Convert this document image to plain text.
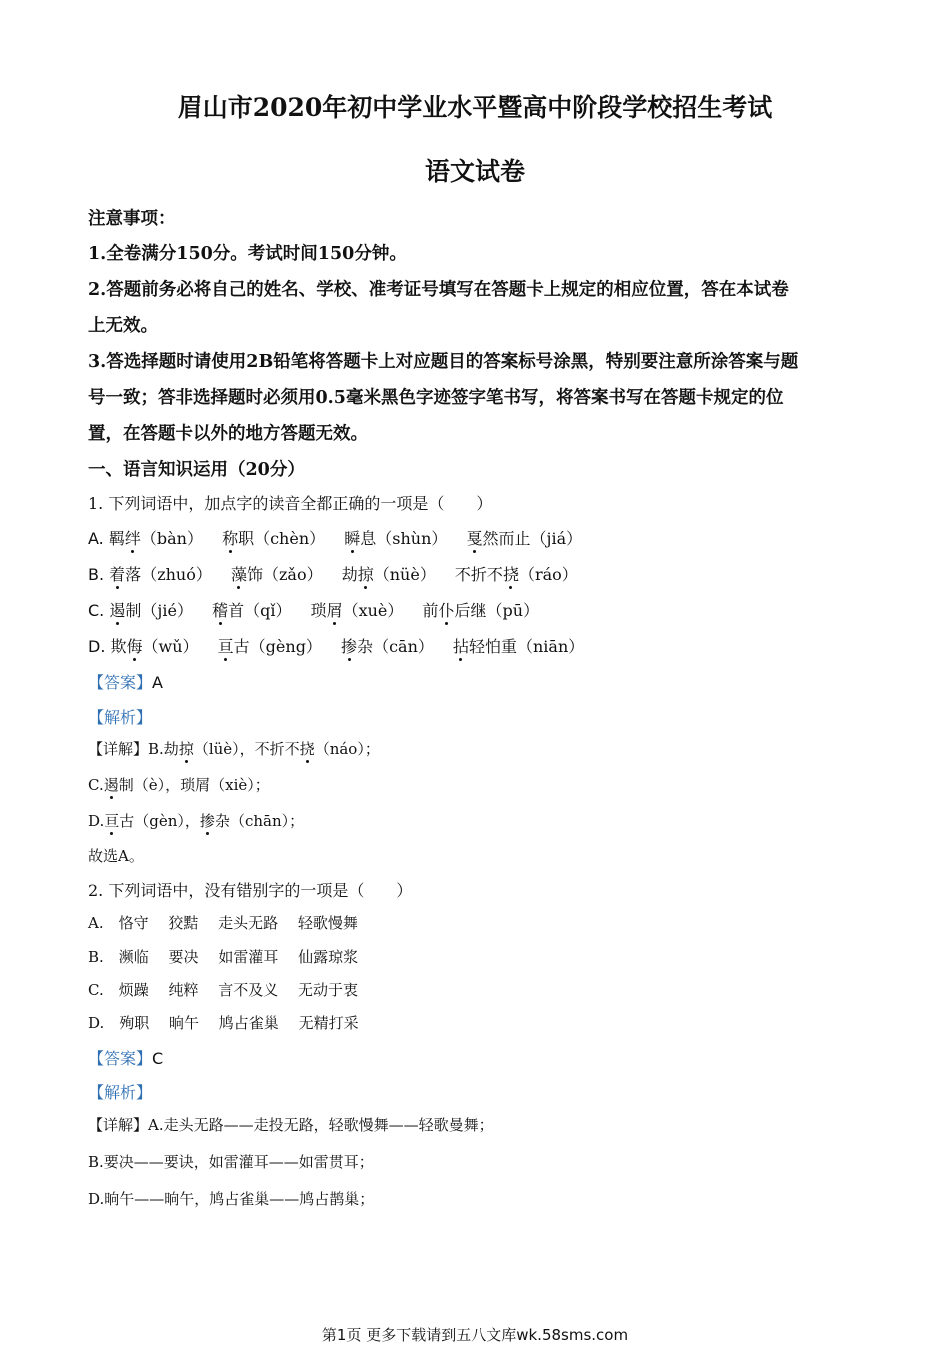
眉山市2020年初中学业水平暨高中阶段学校招生考试
语文试卷
注意事项：
1.全卷满分150分。考试时间150分钟。
2.答题前务必将自己的姓名、学校、准考证号填写在答题卡上规定的相应位置，答在本试卷
上无效。
3.答选择题时请使用2B铅笔将答题卡上对应题目的答案标号涂黑，特别要注意所涂答案与题
号一致；答非选择题时必须用0.5毫米黑色字迹签字笔书写，将答案书写在答题卡规定的位
置，在答题卡以外的地方答题无效。
一、语言知识运用（20分）
1. 下列词语中，加点字的读音全都正确的一项是（　　）
A. 羁绊（bàn） 称职（chèn） 瞬息（shùn） 戛然而止（jiá）
B. 着落（zhuó） 藻饰（zǎo） 劫掠（nüè） 不折不挠（ráo）
C. 遏制（jié） 稽首（qǐ） 琐屑（xuè） 前仆后继（pū）
D. 欺侮（wǔ） 亘古（gèng） 掺杂（cān） 拈轻怕重（niān）
【答案】A
【解析】
【详解】B.劫掠（lüè），不折不挠（náo）；
C.遏制（è），琐屑（xiè）；
D.亘古（gèn），掺杂（chān）；
故选A。
2. 下列词语中，没有错别字的一项是（　　）
A.　恪守　 狡黠　 走头无路　 轻歌慢舞
B.　濒临　 要决　 如雷灌耳　 仙露琼浆
C.　烦躁　 纯粹　 言不及义　 无动于衷
D.　殉职　 晌午　 鸠占雀巢　 无精打采
【答案】C
【解析】
【详解】A.走头无路——走投无路，轻歌慢舞——轻歌曼舞；
B.要决——要诀，如雷灌耳——如雷贯耳；
D.晌午——晌午，鸠占雀巢——鸠占鹊巢；
第1页 更多下载请到五八文库wk.58sms.com
